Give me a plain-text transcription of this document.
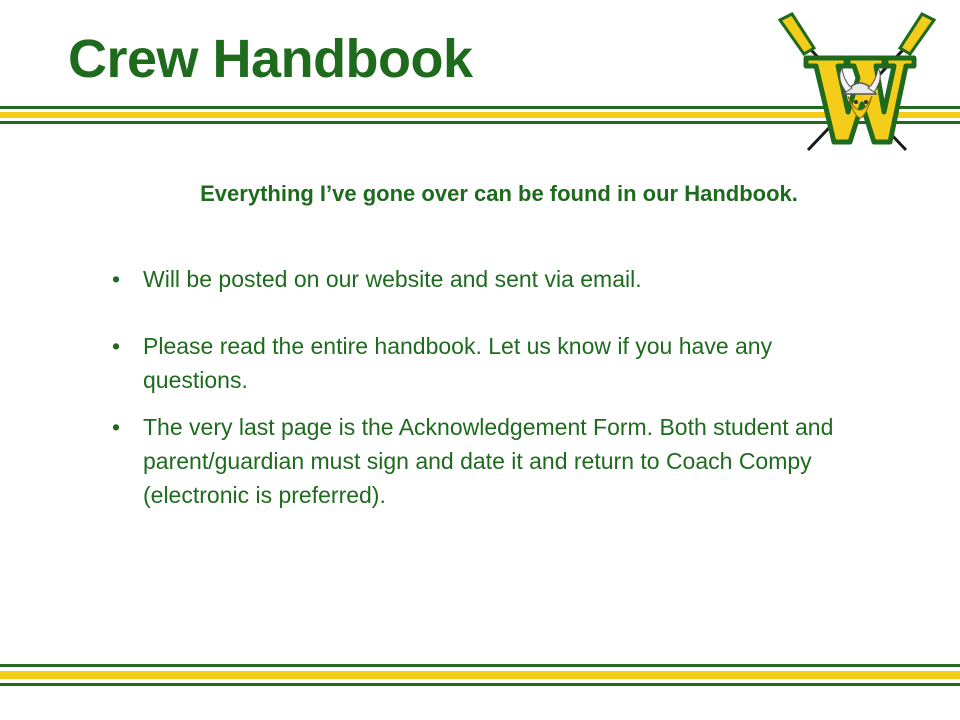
Crew Handbook

Everything I’ve gone over can be found in our Handbook.

• Will be posted on our website and sent via email.
• Please read the entire handbook. Let us know if you have any questions.
• The very last page is the Acknowledgement Form. Both student and parent/guardian must sign and date it and return to Coach Compy (electronic is preferred).
